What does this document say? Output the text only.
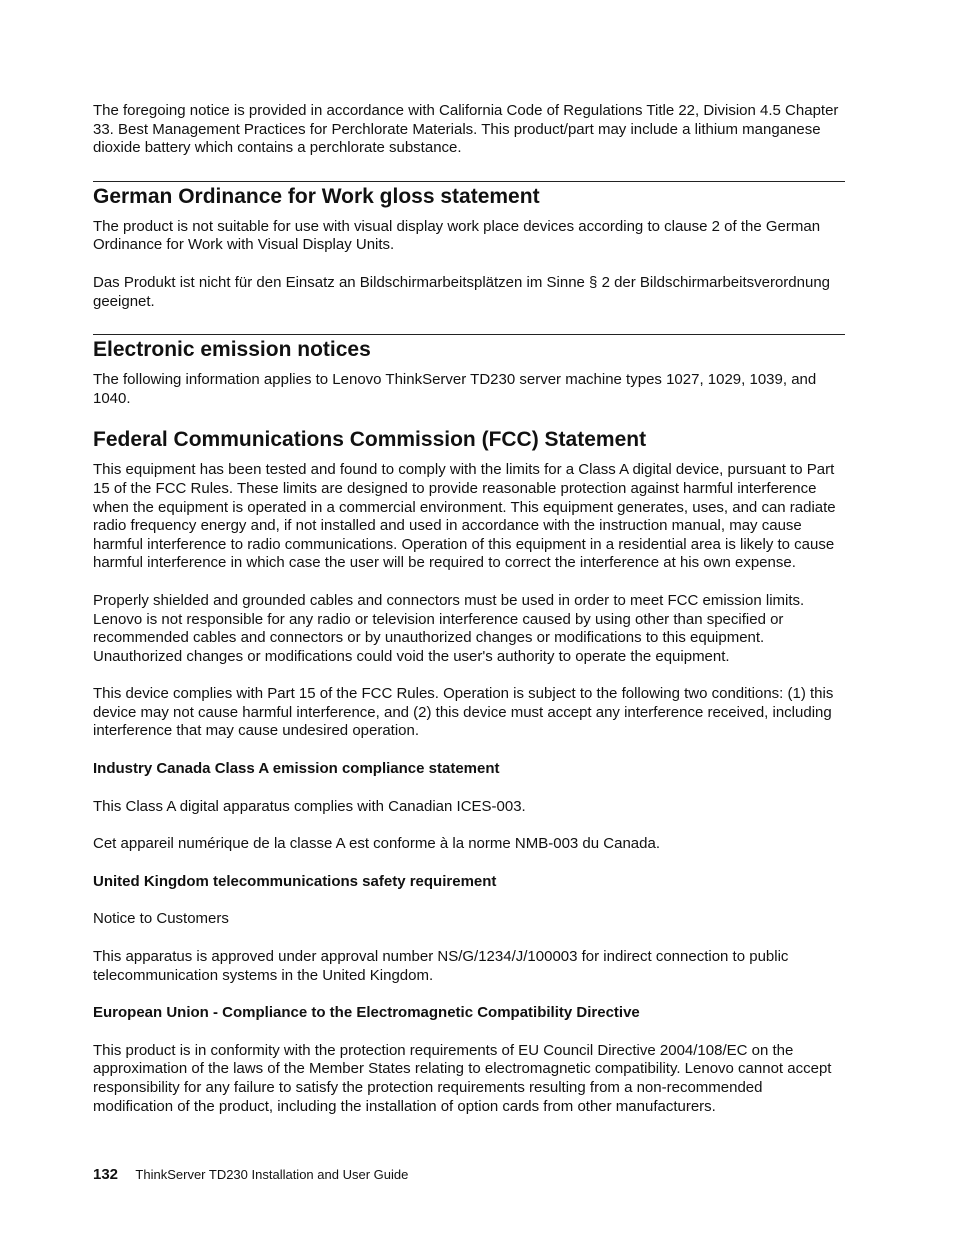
The foregoing notice is provided in accordance with California Code of Regulations Title 22, Division 4.5 Chapter 33. Best Management Practices for Perchlorate Materials. This product/part may include a lithium manganese dioxide battery which contains a perchlorate substance.

German Ordinance for Work gloss statement

The product is not suitable for use with visual display work place devices according to clause 2 of the German Ordinance for Work with Visual Display Units.

Das Produkt ist nicht für den Einsatz an Bildschirmarbeitsplätzen im Sinne § 2 der Bildschirmarbeitsverordnung geeignet.

Electronic emission notices

The following information applies to Lenovo ThinkServer TD230 server machine types 1027, 1029, 1039, and 1040.

Federal Communications Commission (FCC) Statement

This equipment has been tested and found to comply with the limits for a Class A digital device, pursuant to Part 15 of the FCC Rules. These limits are designed to provide reasonable protection against harmful interference when the equipment is operated in a commercial environment. This equipment generates, uses, and can radiate radio frequency energy and, if not installed and used in accordance with the instruction manual, may cause harmful interference to radio communications. Operation of this equipment in a residential area is likely to cause harmful interference in which case the user will be required to correct the interference at his own expense.

Properly shielded and grounded cables and connectors must be used in order to meet FCC emission limits. Lenovo is not responsible for any radio or television interference caused by using other than specified or recommended cables and connectors or by unauthorized changes or modifications to this equipment. Unauthorized changes or modifications could void the user's authority to operate the equipment.

This device complies with Part 15 of the FCC Rules. Operation is subject to the following two conditions: (1) this device may not cause harmful interference, and (2) this device must accept any interference received, including interference that may cause undesired operation.

Industry Canada Class A emission compliance statement

This Class A digital apparatus complies with Canadian ICES-003.

Cet appareil numérique de la classe A est conforme à la norme NMB-003 du Canada.

United Kingdom telecommunications safety requirement

Notice to Customers

This apparatus is approved under approval number NS/G/1234/J/100003 for indirect connection to public telecommunication systems in the United Kingdom.

European Union - Compliance to the Electromagnetic Compatibility Directive

This product is in conformity with the protection requirements of EU Council Directive 2004/108/EC on the approximation of the laws of the Member States relating to electromagnetic compatibility. Lenovo cannot accept responsibility for any failure to satisfy the protection requirements resulting from a non-recommended modification of the product, including the installation of option cards from other manufacturers.

132 ThinkServer TD230 Installation and User Guide
